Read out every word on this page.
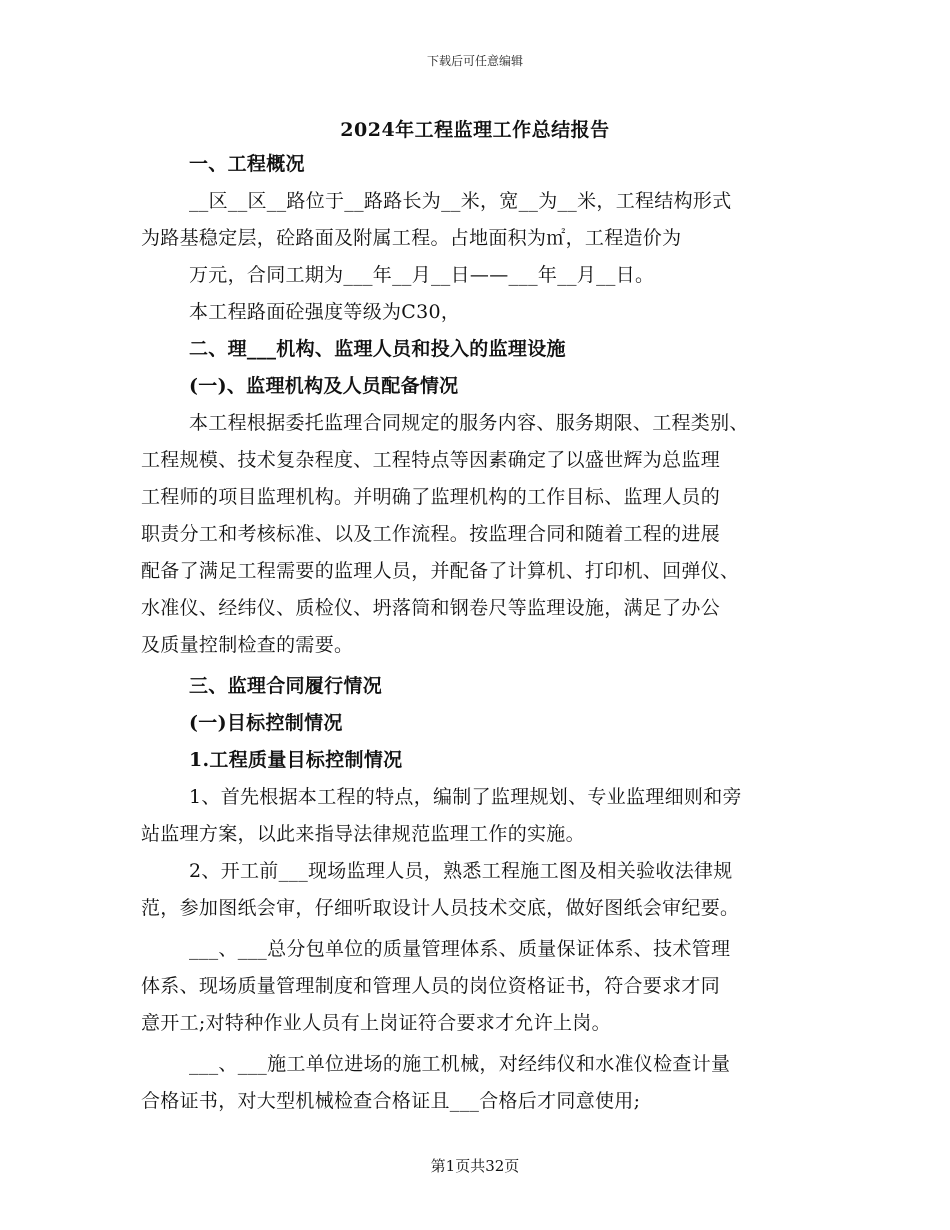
下载后可任意编辑
2024年工程监理工作总结报告
一、工程概况
__区__区__路位于__路路长为__米，宽__为__米，工程结构形式
为路基稳定层，砼路面及附属工程。占地面积为㎡，工程造价为
万元，合同工期为___年__月__日——___年__月__日。
本工程路面砼强度等级为C30，
二、理___机构、监理人员和投入的监理设施
(一)、监理机构及人员配备情况
本工程根据委托监理合同规定的服务内容、服务期限、工程类别、
工程规模、技术复杂程度、工程特点等因素确定了以盛世辉为总监理
工程师的项目监理机构。并明确了监理机构的工作目标、监理人员的
职责分工和考核标准、以及工作流程。按监理合同和随着工程的进展
配备了满足工程需要的监理人员，并配备了计算机、打印机、回弹仪、
水准仪、经纬仪、质检仪、坍落筒和钢卷尺等监理设施，满足了办公
及质量控制检查的需要。
三、监理合同履行情况
(一)目标控制情况
1.工程质量目标控制情况
1、首先根据本工程的特点，编制了监理规划、专业监理细则和旁
站监理方案，以此来指导法律规范监理工作的实施。
2、开工前___现场监理人员，熟悉工程施工图及相关验收法律规
范，参加图纸会审，仔细听取设计人员技术交底，做好图纸会审纪要。
___、___总分包单位的质量管理体系、质量保证体系、技术管理
体系、现场质量管理制度和管理人员的岗位资格证书，符合要求才同
意开工;对特种作业人员有上岗证符合要求才允许上岗。
___、___施工单位进场的施工机械，对经纬仪和水准仪检查计量
合格证书，对大型机械检查合格证且___合格后才同意使用;
第1页共32页
